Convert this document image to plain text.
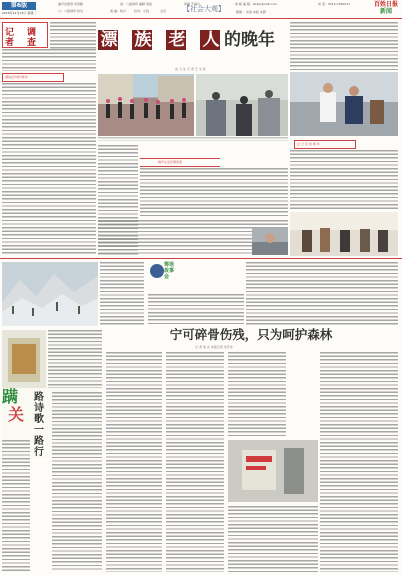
第6版
2016年12月13日 星期二
编号边策划 易雪勤	美：八版排印 编辑 刘斌	审稿 于福兵	地 邮 编 箱：zbdjb@126.com	电 话：0514-2390521
公：八版排印 校对	美 编：杭兵	校对：小钱	文员	【社会大观】	雅黛 ：东南 本版 来源
百姓日报
新闻
记
者
调
查	漂 族 老 人 的晚年
实 习 生 记 者 王 文 佳
漂泊在外的"候鸟"
晚年生活充满希望
记 日 见 的 晚 年
筹语故事会
宁可碎骨伤残，只为呵护森林
记 者 刘 言 本报记者 朱庆华
蹒
关
路
诗
歌
一
路
行
